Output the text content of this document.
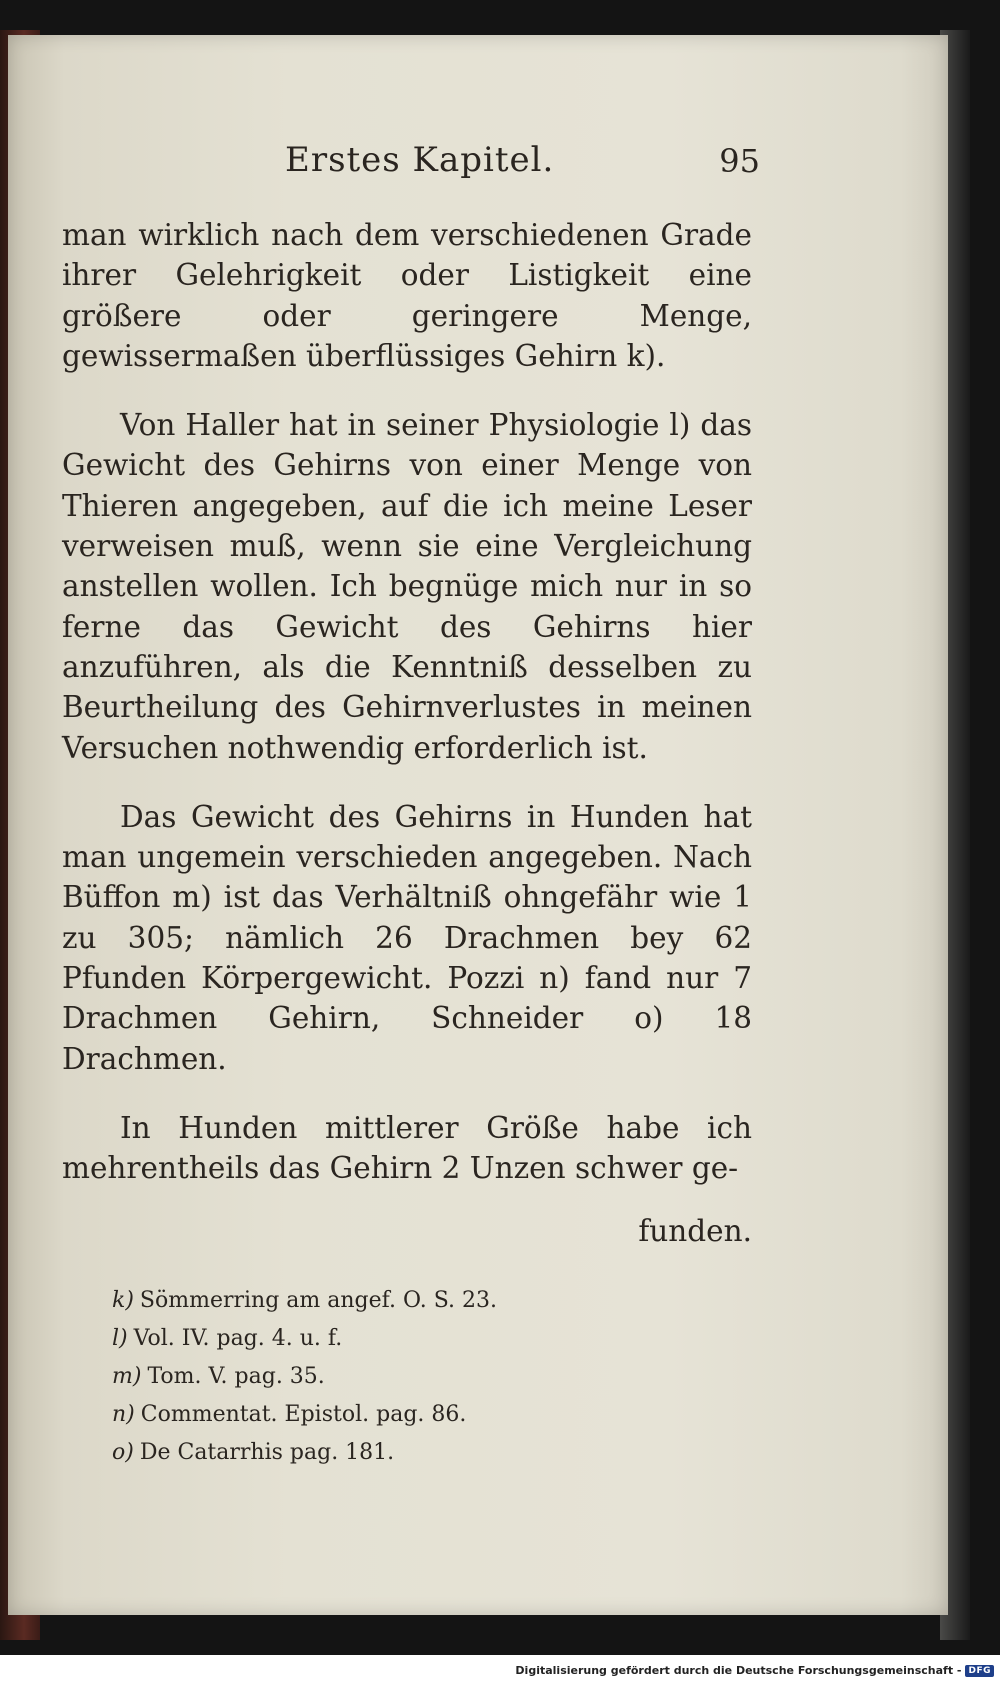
Erstes Kapitel.	95

man wirklich nach dem verschiedenen Grade ihrer Gelehrigkeit oder Listigkeit eine größere oder geringere Menge, gewissermaßen überflüssiges Gehirn k).

Von Haller hat in seiner Physiologie l) das Gewicht des Gehirns von einer Menge von Thieren angegeben, auf die ich meine Leser verweisen muß, wenn sie eine Vergleichung anstellen wollen. Ich begnüge mich nur in so ferne das Gewicht des Gehirns hier anzuführen, als die Kenntniß desselben zu Beurtheilung des Gehirnverlustes in meinen Versuchen nothwendig erforderlich ist.

Das Gewicht des Gehirns in Hunden hat man ungemein verschieden angegeben. Nach Büffon m) ist das Verhältniß ohngefähr wie 1 zu 305; nämlich 26 Drachmen bey 62 Pfunden Körpergewicht. Pozzi n) fand nur 7 Drachmen Gehirn, Schneider o) 18 Drachmen.

In Hunden mittlerer Größe habe ich mehrentheils das Gehirn 2 Unzen schwer ge-

funden.
k) Sömmerring am angef. O. S. 23.
l) Vol. IV. pag. 4. u. f.
m) Tom. V. pag. 35.
n) Commentat. Epistol. pag. 86.
o) De Catarrhis pag. 181.
Digitalisierung gefördert durch die Deutsche Forschungsgemeinschaft - DFG
